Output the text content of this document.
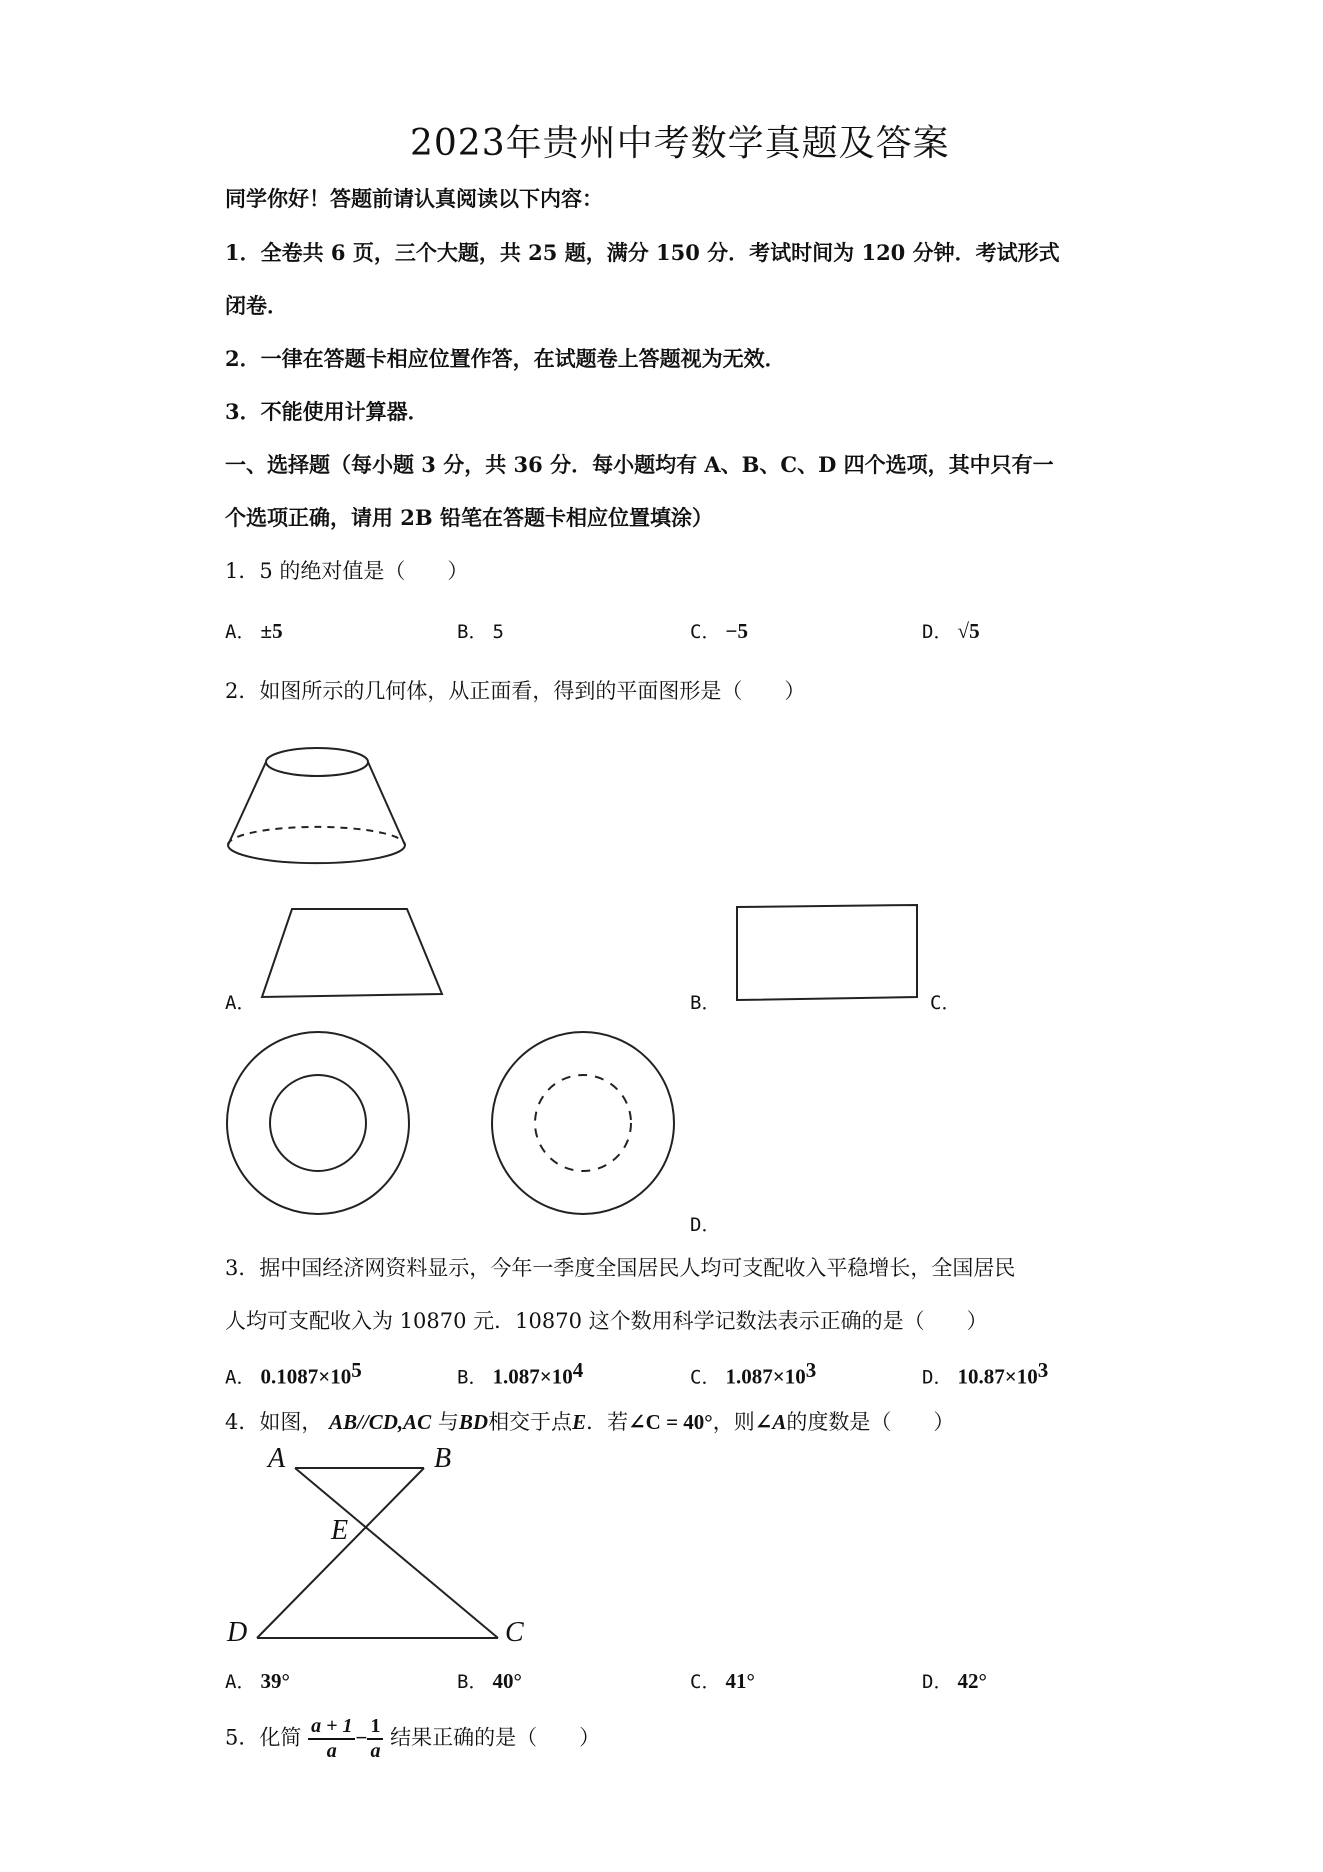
2023年贵州中考数学真题及答案
同学你好！答题前请认真阅读以下内容：
1．全卷共 6 页，三个大题，共 25 题，满分 150 分．考试时间为 120 分钟．考试形式
闭卷．
2．一律在答题卡相应位置作答，在试题卷上答题视为无效．
3．不能使用计算器．
一、选择题（每小题 3 分，共 36 分．每小题均有 A、B、C、D 四个选项，其中只有一
个选项正确，请用 2B 铅笔在答题卡相应位置填涂）
1．5 的绝对值是（　　）
A． ±5	B． 5	C． −5	D． √5
2．如图所示的几何体，从正面看，得到的平面图形是（　　）
A．	B．	C．
D．
3．据中国经济网资料显示，今年一季度全国居民人均可支配收入平稳增长，全国居民
人均可支配收入为 10870 元．10870 这个数用科学记数法表示正确的是（　　）
A． $0.1087\times 10^5$	B． $1.087\times 10^4$	C． $1.087\times 10^3$	D． $10.87\times 10^3$
4．如图， AB//CD,AC 与BD相交于点E．若∠C = 40°，则∠A的度数是（　　）
A	B
E
D	C
A． 39°	B． 40°	C． 41°	D． 42°
5．化简 $\frac{a + 1}{a} - \frac{1}{a}$ 结果正确的是（　　）
